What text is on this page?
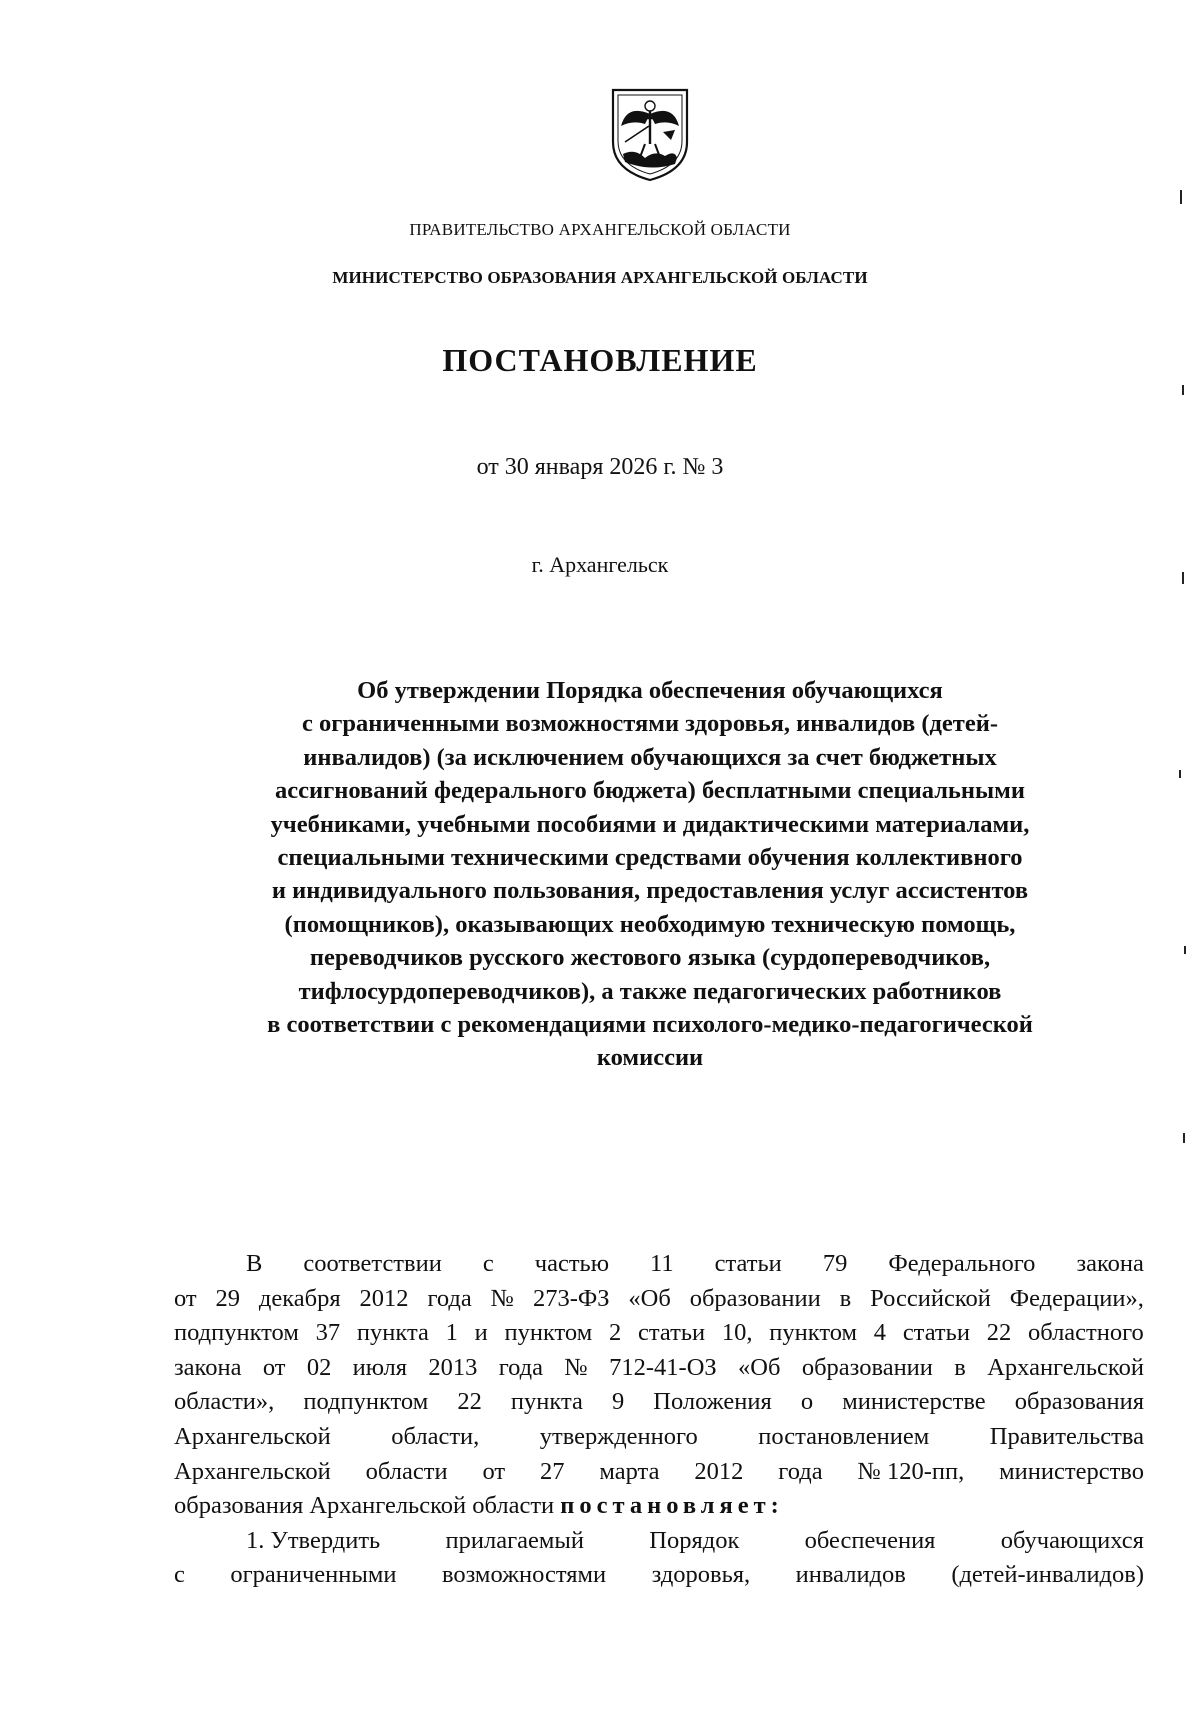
ПРАВИТЕЛЬСТВО АРХАНГЕЛЬСКОЙ ОБЛАСТИ
МИНИСТЕРСТВО ОБРАЗОВАНИЯ АРХАНГЕЛЬСКОЙ ОБЛАСТИ
ПОСТАНОВЛЕНИЕ
от 30 января 2026 г. № 3
г. Архангельск
Об утверждении Порядка обеспечения обучающихся
с ограниченными возможностями здоровья, инвалидов (детей-
инвалидов) (за исключением обучающихся за счет бюджетных
ассигнований федерального бюджета) бесплатными специальными
учебниками, учебными пособиями и дидактическими материалами,
специальными техническими средствами обучения коллективного
и индивидуального пользования, предоставления услуг ассистентов
(помощников), оказывающих необходимую техническую помощь,
переводчиков русского жестового языка (сурдопереводчиков,
тифлосурдопереводчиков), а также педагогических работников
в соответствии с рекомендациями психолого-медико-педагогической
комиссии
В соответствии с частью 11 статьи 79 Федерального закона
от 29 декабря 2012 года № 273-ФЗ «Об образовании в Российской Федерации»,
подпунктом 37 пункта 1 и пунктом 2 статьи 10, пунктом 4 статьи 22 областного
закона от 02 июля 2013 года № 712-41-ОЗ «Об образовании в Архангельской
области», подпунктом 22 пункта 9 Положения о министерстве образования
Архангельской области, утвержденного постановлением Правительства
Архангельской области от 27 марта 2012 года № 120-пп, министерство
образования Архангельской области постановляет:
1. Утвердить	прилагаемый	Порядок	обеспечения	обучающихся
с ограниченными возможностями здоровья, инвалидов (детей-инвалидов)
